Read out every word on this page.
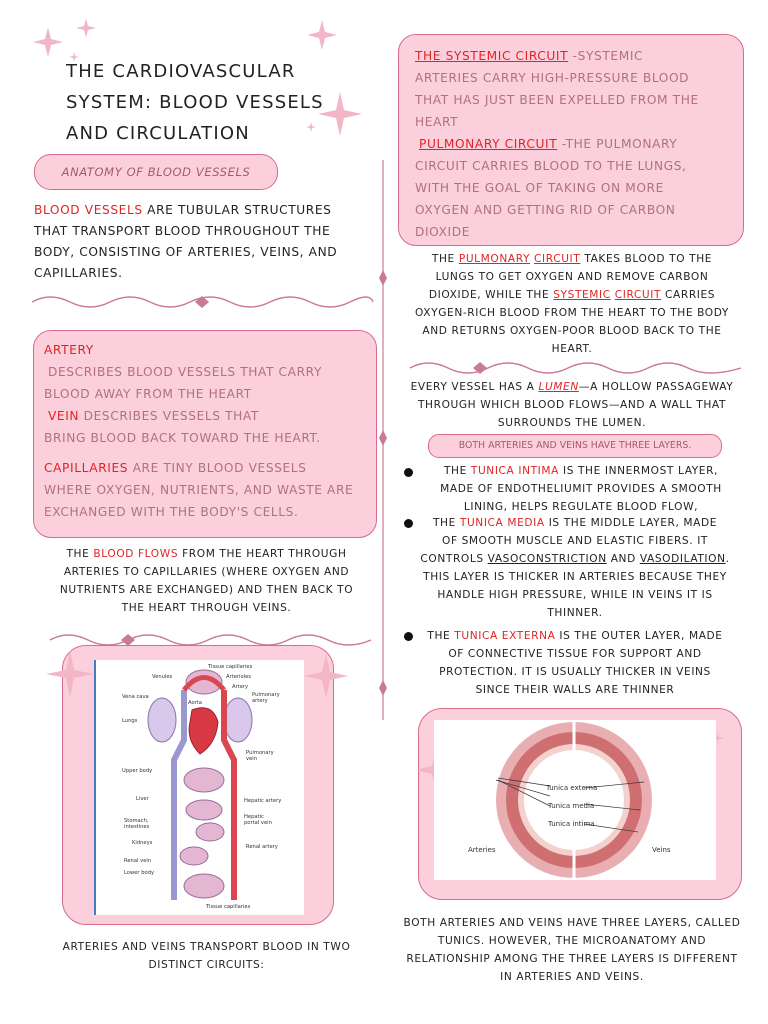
THE CARDIOVASCULAR
SYSTEM: BLOOD VESSELS
AND CIRCULATION
ANATOMY OF BLOOD VESSELS
BLOOD VESSELS ARE TUBULAR STRUCTURES
THAT TRANSPORT BLOOD THROUGHOUT THE
BODY, CONSISTING OF ARTERIES, VEINS, AND
CAPILLARIES.
ARTERY
DESCRIBES BLOOD VESSELS THAT CARRY
BLOOD AWAY FROM THE HEART
VEIN DESCRIBES VESSELS THAT
BRING BLOOD BACK TOWARD THE HEART.
CAPILLARIES ARE TINY BLOOD VESSELS
WHERE OXYGEN, NUTRIENTS, AND WASTE ARE
EXCHANGED WITH THE BODY'S CELLS.
THE BLOOD FLOWS FROM THE HEART THROUGH
ARTERIES TO CAPILLARIES (WHERE OXYGEN AND
NUTRIENTS ARE EXCHANGED) AND THEN BACK TO
THE HEART THROUGH VEINS.
Venules
Vena cava
Lungs
Upper body
Liver
Stomach,
intestines
Kidneys
Renal vein
Lower body
Tissue capillaries
Arterioles
Artery
Pulmonary
artery
Pulmonary
vein
Hepatic artery
Hepatic
portal vein
Renal artery
Tissue capillaries
Aorta
ARTERIES AND VEINS TRANSPORT BLOOD IN TWO
DISTINCT CIRCUITS:
THE SYSTEMIC CIRCUIT -SYSTEMIC
ARTERIES CARRY HIGH-PRESSURE BLOOD
THAT HAS JUST BEEN EXPELLED FROM THE
HEART
PULMONARY CIRCUIT -THE PULMONARY
CIRCUIT CARRIES BLOOD TO THE LUNGS,
WITH THE GOAL OF TAKING ON MORE
OXYGEN AND GETTING RID OF CARBON
DIOXIDE
THE PULMONARY CIRCUIT TAKES BLOOD TO THE
LUNGS TO GET OXYGEN AND REMOVE CARBON
DIOXIDE, WHILE THE SYSTEMIC CIRCUIT CARRIES
OXYGEN-RICH BLOOD FROM THE HEART TO THE BODY
AND RETURNS OXYGEN-POOR BLOOD BACK TO THE
HEART.
EVERY VESSEL HAS A LUMEN—A HOLLOW PASSAGEWAY
THROUGH WHICH BLOOD FLOWS—AND A WALL THAT
SURROUNDS THE LUMEN.
BOTH ARTERIES AND VEINS HAVE THREE LAYERS.
THE TUNICA INTIMA IS THE INNERMOST LAYER,
MADE OF ENDOTHELIUMIT PROVIDES A SMOOTH
LINING, HELPS REGULATE BLOOD FLOW,
THE TUNICA MEDIA IS THE MIDDLE LAYER, MADE
OF SMOOTH MUSCLE AND ELASTIC FIBERS. IT
CONTROLS VASOCONSTRICTION AND VASODILATION.
THIS LAYER IS THICKER IN ARTERIES BECAUSE THEY
HANDLE HIGH PRESSURE, WHILE IN VEINS IT IS
THINNER.
THE TUNICA EXTERNA IS THE OUTER LAYER, MADE
OF CONNECTIVE TISSUE FOR SUPPORT AND
PROTECTION. IT IS USUALLY THICKER IN VEINS
SINCE THEIR WALLS ARE THINNER
Tunica externa
Tunica media
Tunica intima
Arteries	Veins
BOTH ARTERIES AND VEINS HAVE THREE LAYERS, CALLED
TUNICS. HOWEVER, THE MICROANATOMY AND
RELATIONSHIP AMONG THE THREE LAYERS IS DIFFERENT
IN ARTERIES AND VEINS.
